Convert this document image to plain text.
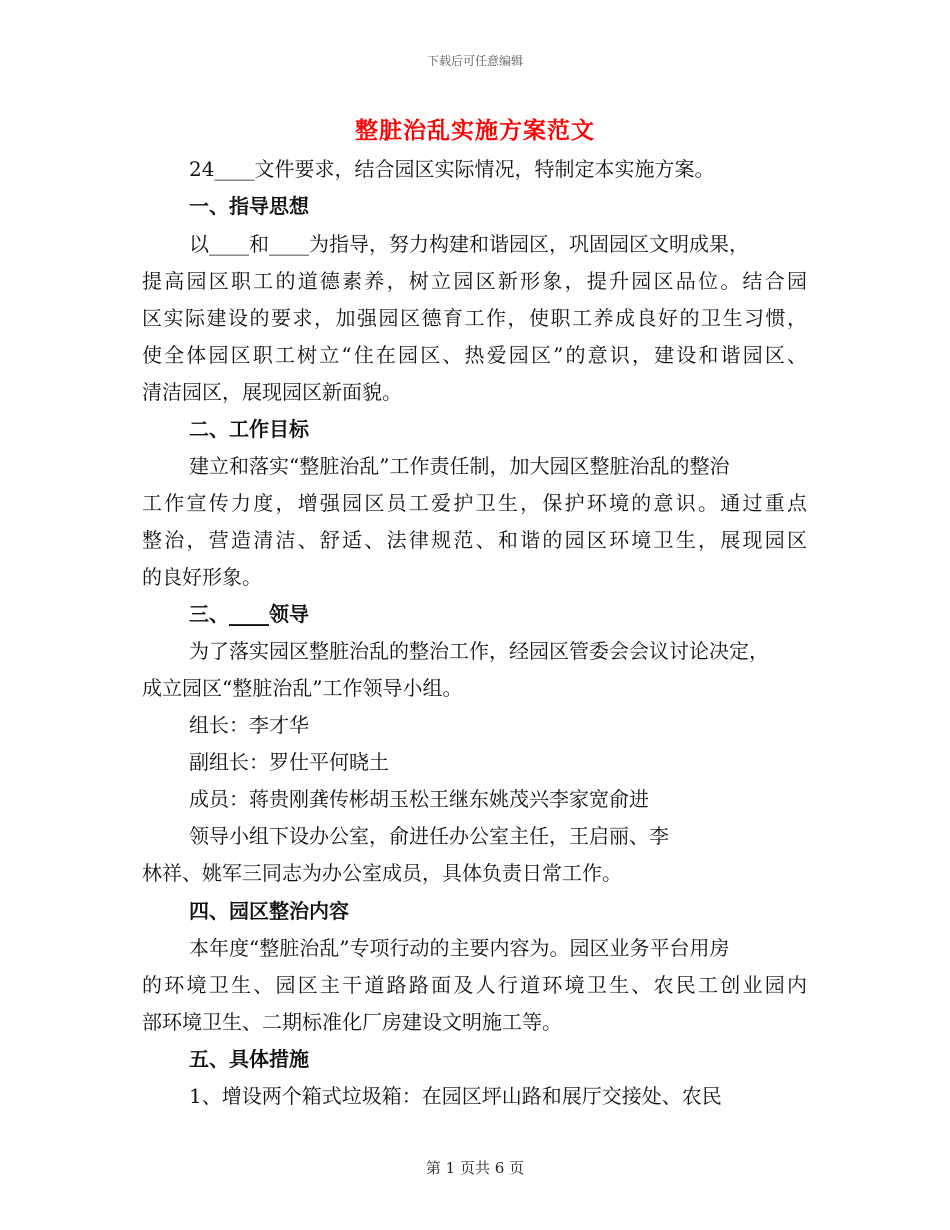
下载后可任意编辑
整脏治乱实施方案范文
24____文件要求，结合园区实际情况，特制定本实施方案。
一、指导思想
以____和____为指导，努力构建和谐园区，巩固园区文明成果，
提高园区职工的道德素养，树立园区新形象，提升园区品位。结合园
区实际建设的要求，加强园区德育工作，使职工养成良好的卫生习惯，
使全体园区职工树立“住在园区、热爱园区”的意识，建设和谐园区、
清洁园区，展现园区新面貌。
二、工作目标
建立和落实“整脏治乱”工作责任制，加大园区整脏治乱的整治
工作宣传力度，增强园区员工爱护卫生，保护环境的意识。通过重点
整治，营造清洁、舒适、法律规范、和谐的园区环境卫生，展现园区
的良好形象。
三、____领导
为了落实园区整脏治乱的整治工作，经园区管委会会议讨论决定，
成立园区“整脏治乱”工作领导小组。
组长：李才华
副组长：罗仕平何晓土
成员：蒋贵刚龚传彬胡玉松王继东姚茂兴李家宽俞进
领导小组下设办公室，俞进任办公室主任，王启丽、李
林祥、姚军三同志为办公室成员，具体负责日常工作。
四、园区整治内容
本年度“整脏治乱”专项行动的主要内容为。园区业务平台用房
的环境卫生、园区主干道路路面及人行道环境卫生、农民工创业园内
部环境卫生、二期标准化厂房建设文明施工等。
五、具体措施
1、增设两个箱式垃圾箱：在园区坪山路和展厅交接处、农民
第 1 页共 6 页
